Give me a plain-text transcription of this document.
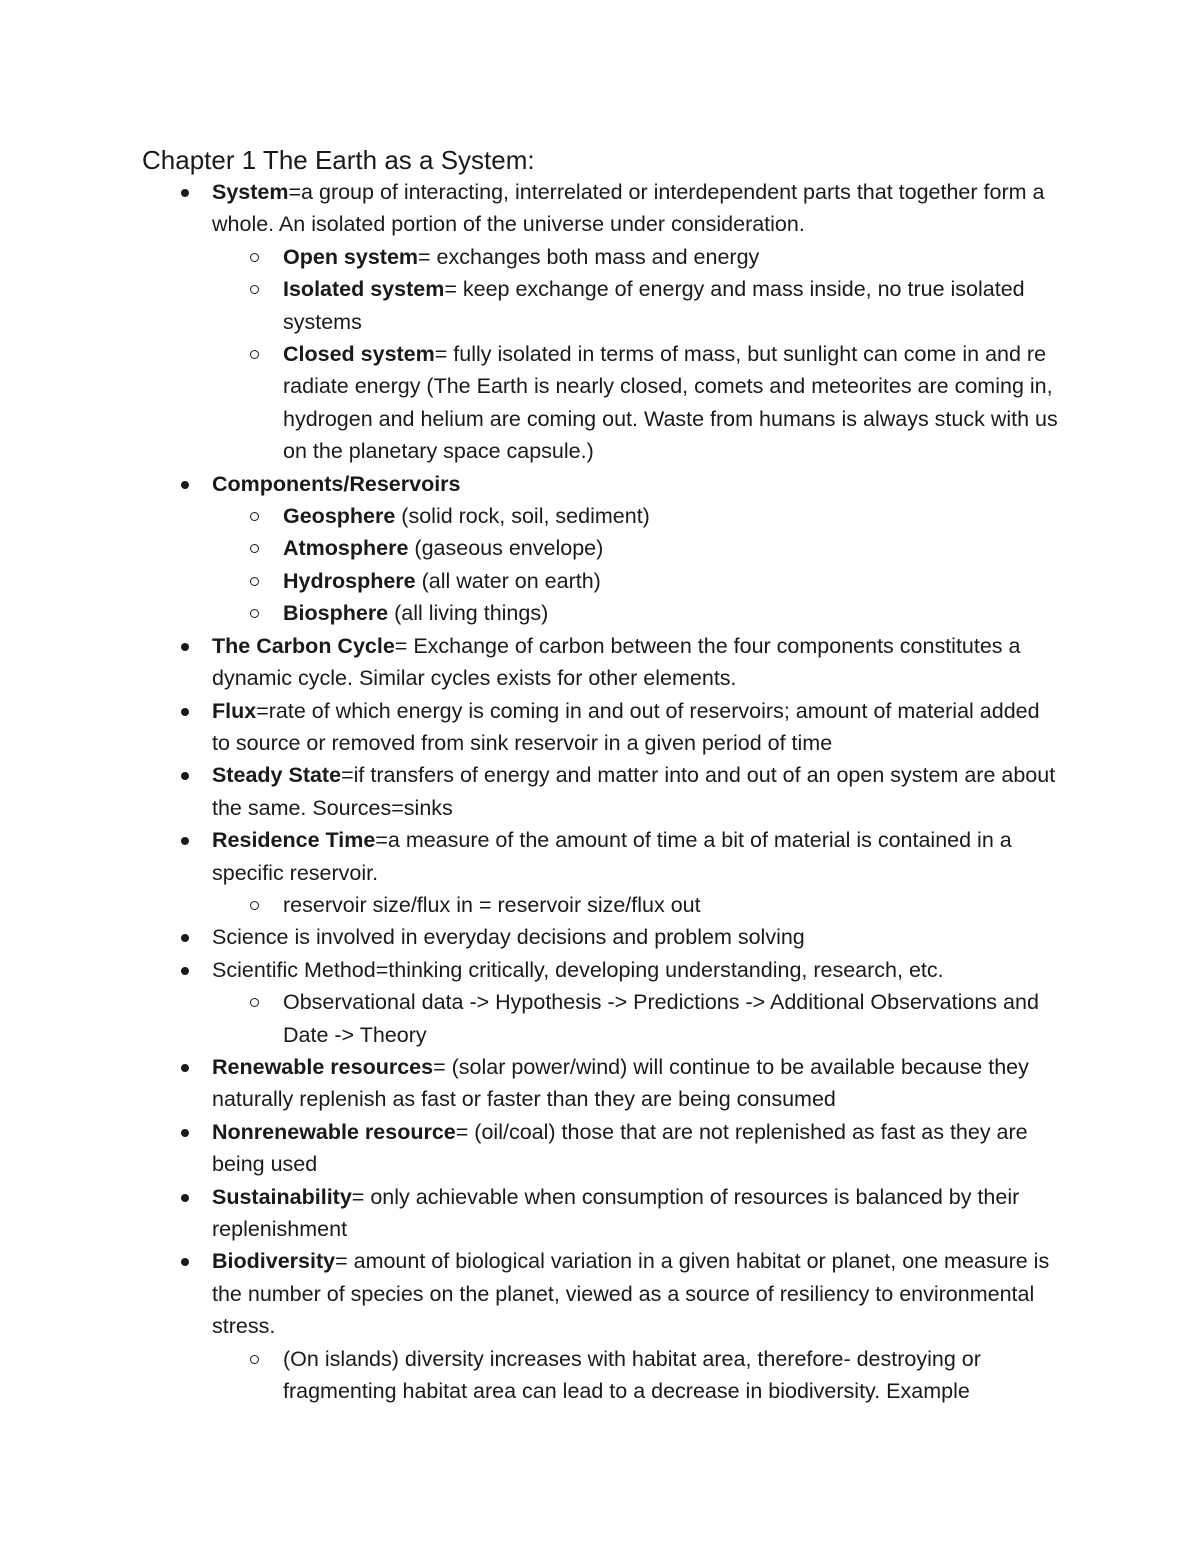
Chapter 1 The Earth as a System:
System=a group of interacting, interrelated or interdependent parts that together form a whole. An isolated portion of the universe under consideration.
Open system= exchanges both mass and energy
Isolated system= keep exchange of energy and mass inside, no true isolated systems
Closed system= fully isolated in terms of mass, but sunlight can come in and re radiate energy (The Earth is nearly closed, comets and meteorites are coming in, hydrogen and helium are coming out. Waste from humans is always stuck with us on the planetary space capsule.)
Components/Reservoirs
Geosphere (solid rock, soil, sediment)
Atmosphere (gaseous envelope)
Hydrosphere (all water on earth)
Biosphere (all living things)
The Carbon Cycle= Exchange of carbon between the four components constitutes a dynamic cycle. Similar cycles exists for other elements.
Flux=rate of which energy is coming in and out of reservoirs; amount of material added to source or removed from sink reservoir in a given period of time
Steady State=if transfers of energy and matter into and out of an open system are about the same. Sources=sinks
Residence Time=a measure of the amount of time a bit of material is contained in a specific reservoir.
reservoir size/flux in = reservoir size/flux out
Science is involved in everyday decisions and problem solving
Scientific Method=thinking critically, developing understanding, research, etc.
Observational data -> Hypothesis -> Predictions -> Additional Observations and Date -> Theory
Renewable resources= (solar power/wind) will continue to be available because they naturally replenish as fast or faster than they are being consumed
Nonrenewable resource= (oil/coal) those that are not replenished as fast as they are being used
Sustainability= only achievable when consumption of resources is balanced by their replenishment
Biodiversity= amount of biological variation in a given habitat or planet, one measure is the number of species on the planet, viewed as a source of resiliency to environmental stress.
(On islands) diversity increases with habitat area, therefore- destroying or fragmenting habitat area can lead to a decrease in biodiversity. Example
